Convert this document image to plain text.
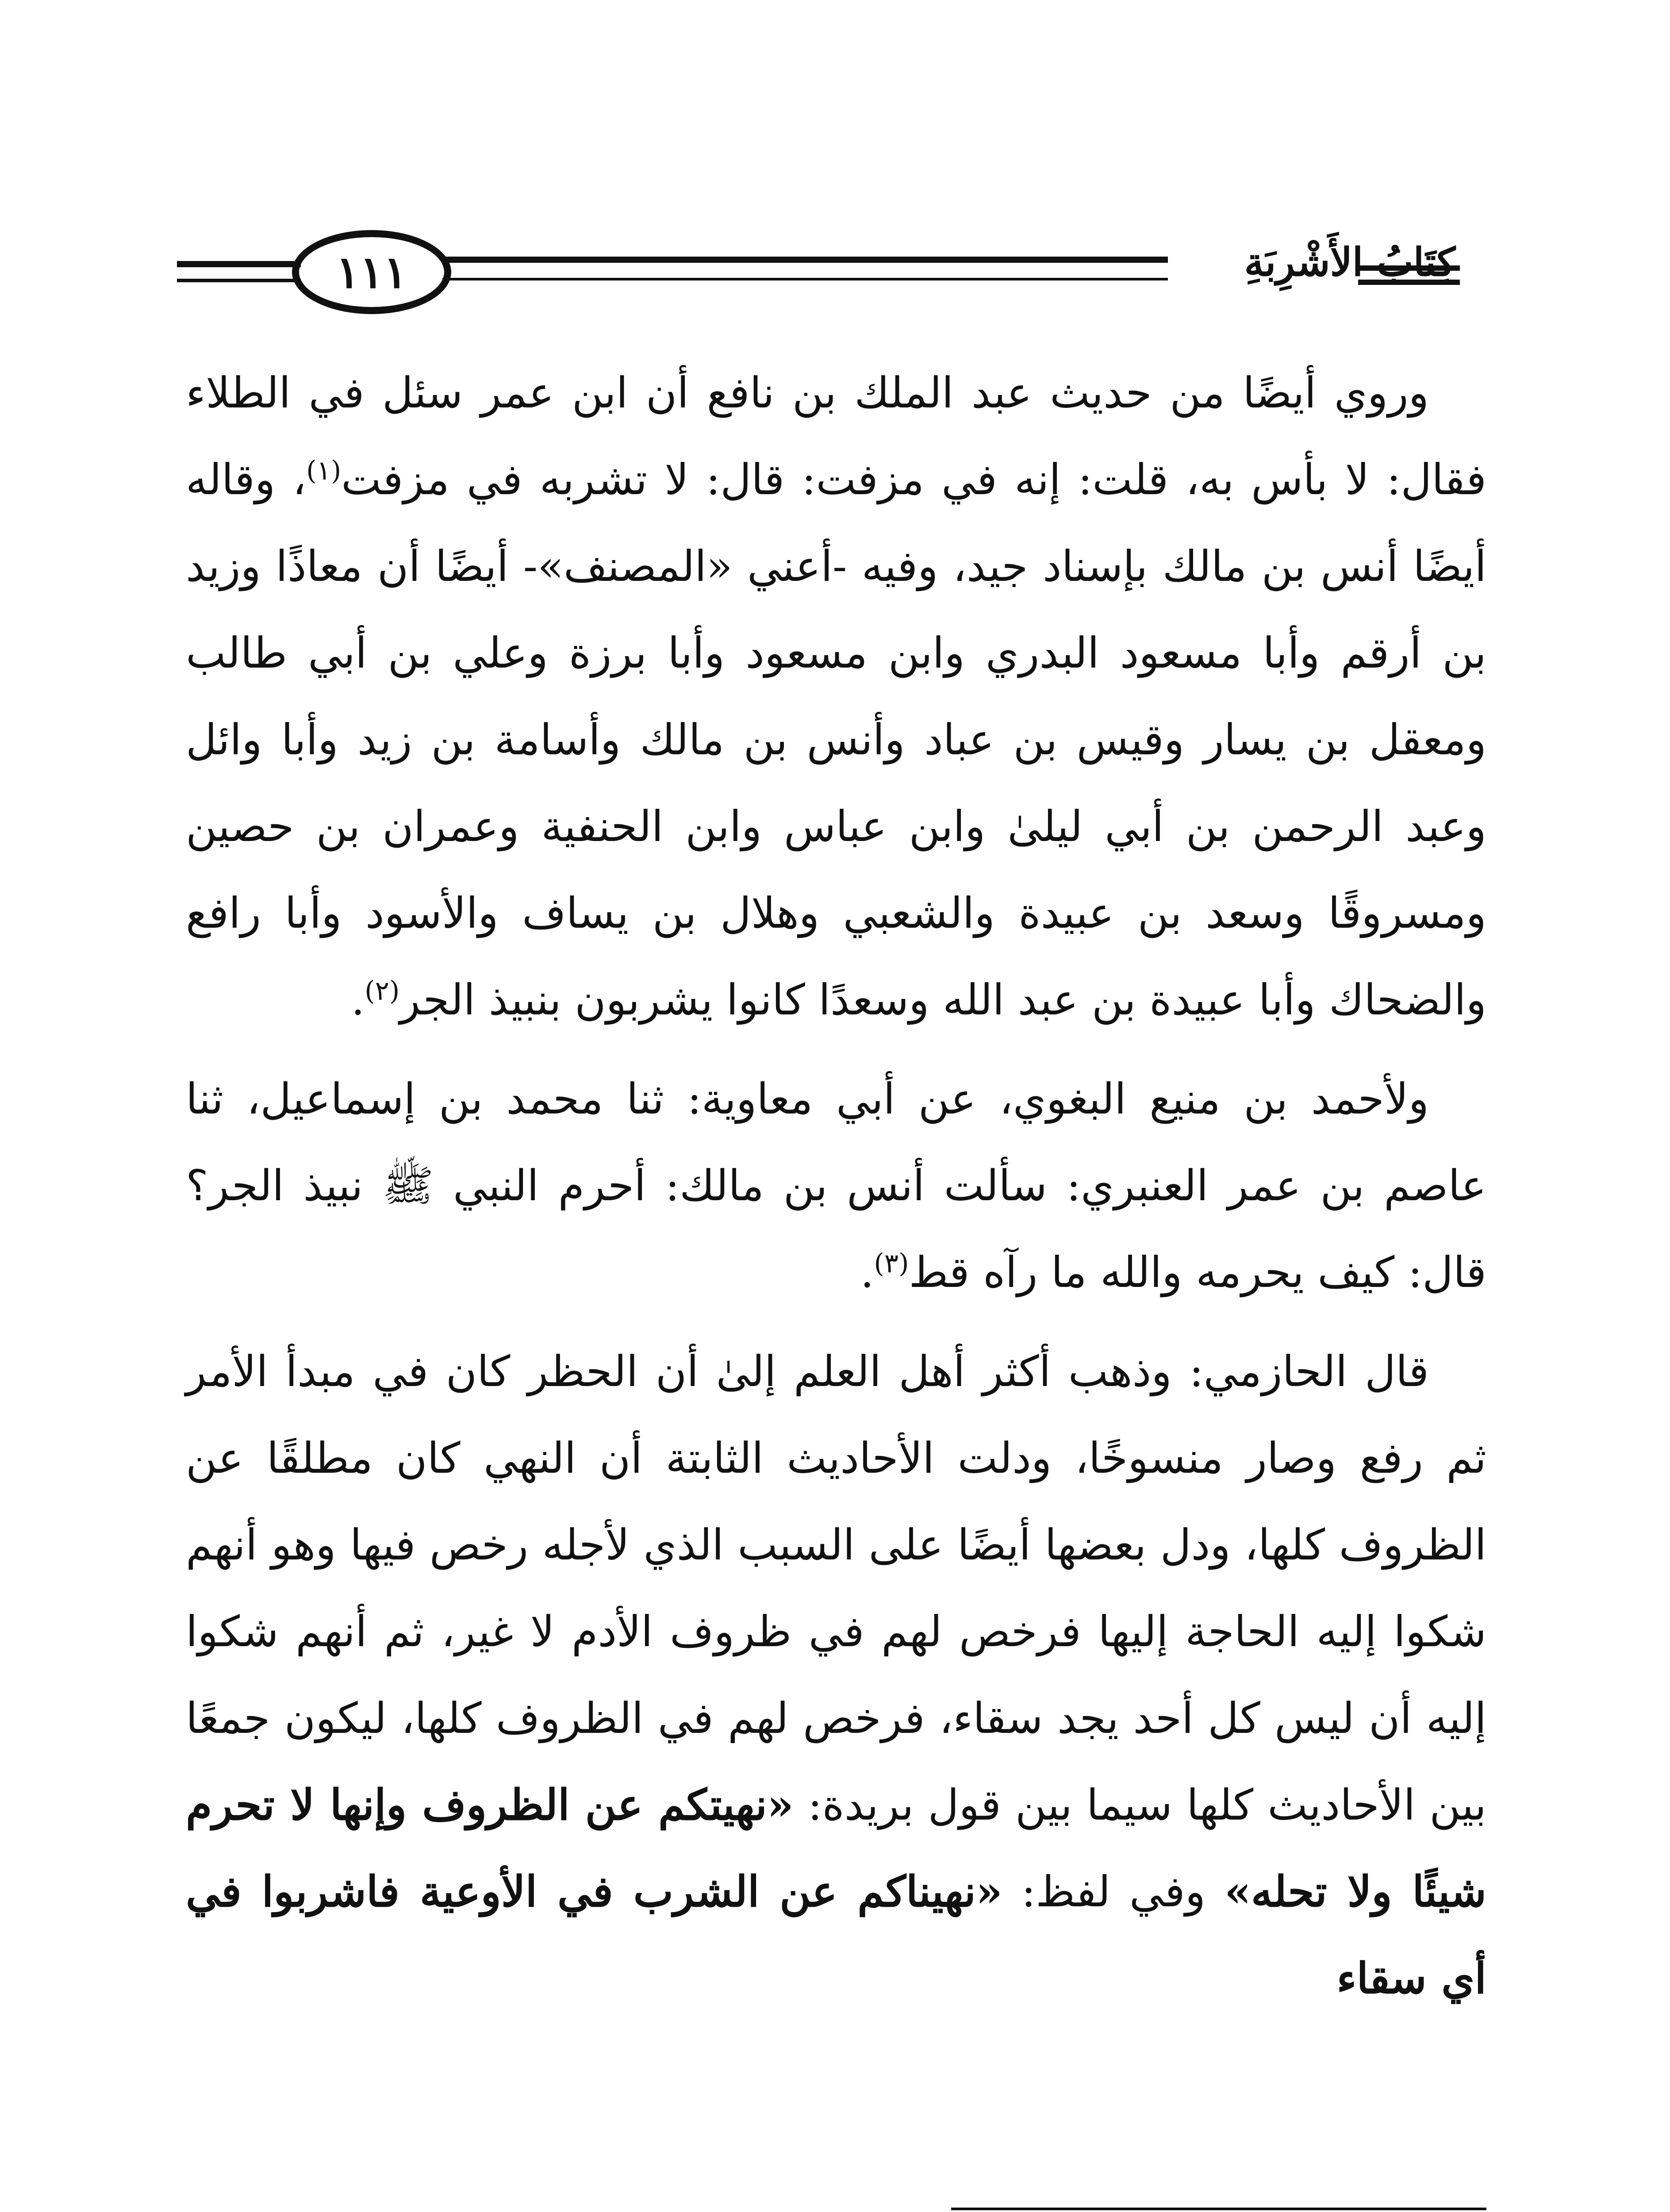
كِتَابُ الأَشْرِبَةِ
١١١

وروي أيضًا من حديث عبد الملك بن نافع أن ابن عمر سئل في الطلاء فقال: لا بأس به، قلت: إنه في مزفت: قال: لا تشربه في مزفت$^{(١)}$، وقاله أيضًا أنس بن مالك بإسناد جيد، وفيه -أعني «المصنف»- أيضًا أن معاذًا وزيد بن أرقم وأبا مسعود البدري وابن مسعود وأبا برزة وعلي بن أبي طالب ومعقل بن يسار وقيس بن عباد وأنس بن مالك وأسامة بن زيد وأبا وائل وعبد الرحمن بن أبي ليلىٰ وابن عباس وابن الحنفية وعمران بن حصين ومسروقًا وسعد بن عبيدة والشعبي وهلال بن يساف والأسود وأبا رافع والضحاك وأبا عبيدة بن عبد الله وسعدًا كانوا يشربون بنبيذ الجر$^{(٢)}$.

ولأحمد بن منيع البغوي، عن أبي معاوية: ثنا محمد بن إسماعيل، ثنا عاصم بن عمر العنبري: سألت أنس بن مالك: أحرم النبي ﷺ نبيذ الجر؟ قال: كيف يحرمه والله ما رآه قط$^{(٣)}$.

قال الحازمي: وذهب أكثر أهل العلم إلىٰ أن الحظر كان في مبدأ الأمر ثم رفع وصار منسوخًا، ودلت الأحاديث الثابتة أن النهي كان مطلقًا عن الظروف كلها، ودل بعضها أيضًا على السبب الذي لأجله رخص فيها وهو أنهم شكوا إليه الحاجة إليها فرخص لهم في ظروف الأدم لا غير، ثم أنهم شكوا إليه أن ليس كل أحد يجد سقاء، فرخص لهم في الظروف كلها، ليكون جمعًا بين الأحاديث كلها سيما بين قول بريدة: «نهيتكم عن الظروف وإنها لا تحرم شيئًا ولا تحله» وفي لفظ: «نهيناكم عن الشرب في الأوعية فاشربوا في أي سقاء
